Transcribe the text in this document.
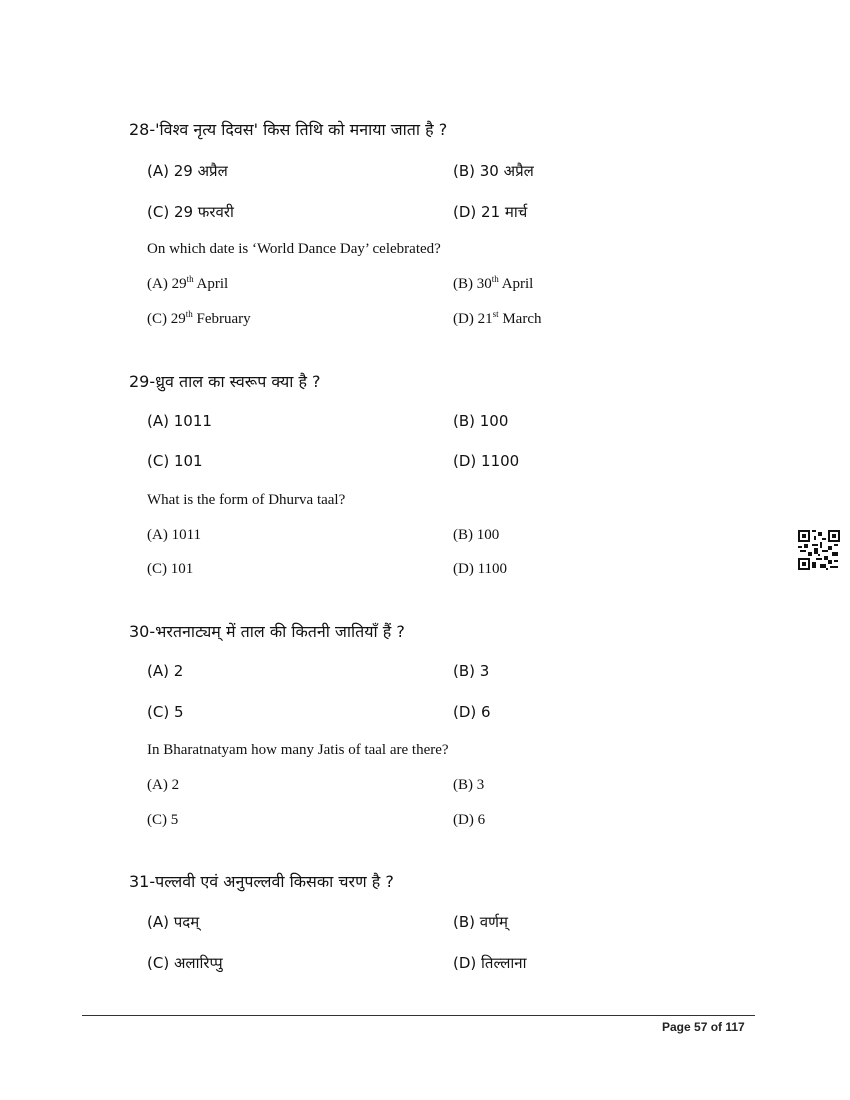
28-'विश्व नृत्य दिवस' किस तिथि को मनाया जाता है ?
(A) 29 अप्रैल	(B) 30 अप्रैल
(C) 29 फरवरी	(D) 21 मार्च
On which date is ‘World Dance Day’ celebrated?
(A) 29th April	(B) 30th April
(C) 29th February	(D) 21st March
29-ध्रुव ताल का स्वरूप क्या है ?
(A) 1011	(B) 100
(C) 101	(D) 1100
What is the form of Dhurva taal?
(A) 1011	(B) 100
(C) 101	(D) 1100
30-भरतनाट्यम् में ताल की कितनी जातियाँ हैं ?
(A) 2	(B) 3
(C) 5	(D) 6
In Bharatnatyam how many Jatis of taal are there?
(A) 2	(B) 3
(C) 5	(D) 6
31-पल्लवी एवं अनुपल्लवी किसका चरण है ?
(A) पदम्	(B) वर्णम्
(C) अलारिप्पु	(D) तिल्लाना
Page 57 of 117
